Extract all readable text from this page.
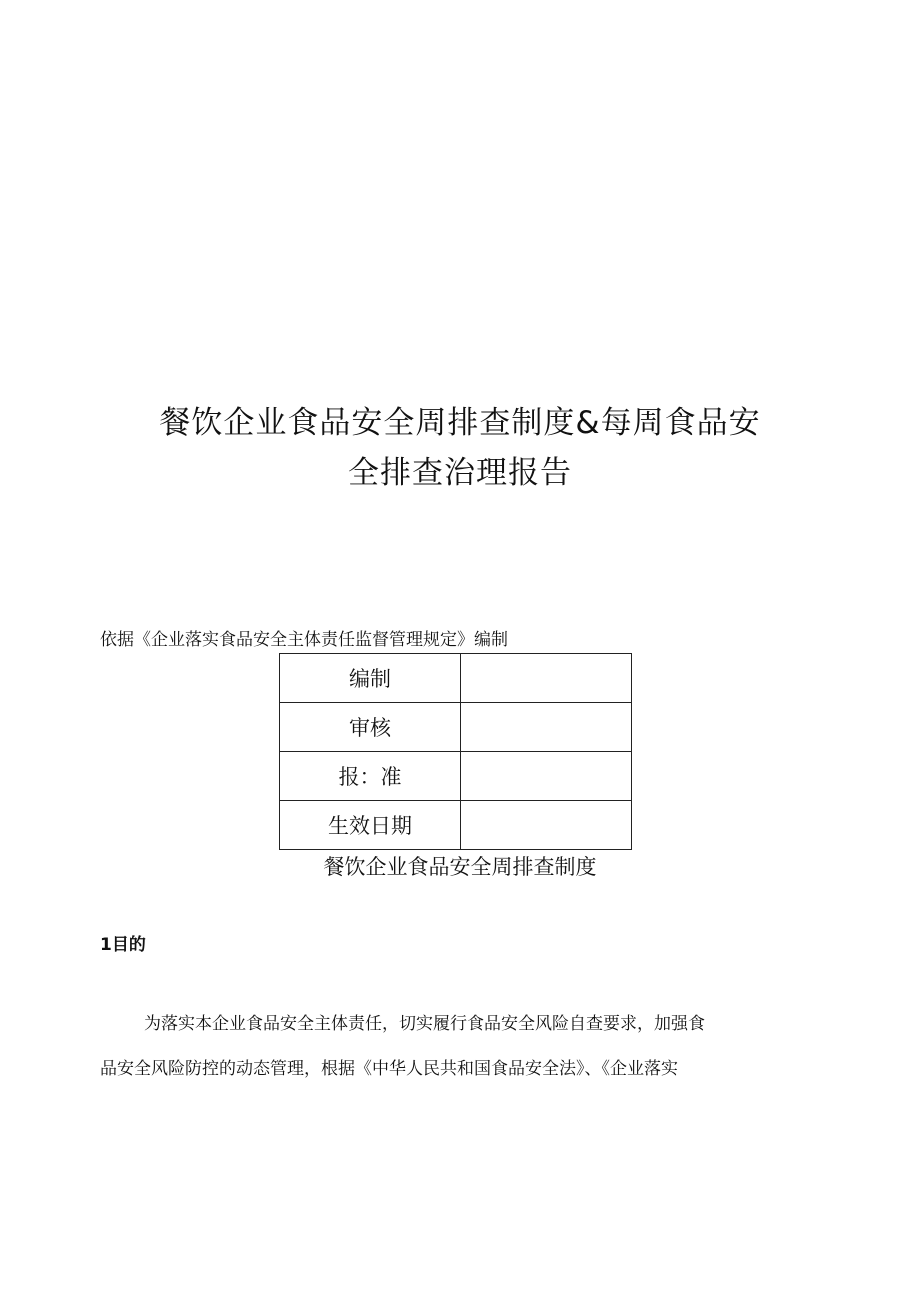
餐饮企业食品安全周排查制度&每周食品安
全排查治理报告
依据《企业落实食品安全主体责任监督管理规定》编制
编制	
审核	
报：准	
生效日期	
餐饮企业食品安全周排查制度
1目的
为落实本企业食品安全主体责任，切实履行食品安全风险自查要求，加强食
品安全风险防控的动态管理，根据《中华人民共和国食品安全法》、《企业落实
